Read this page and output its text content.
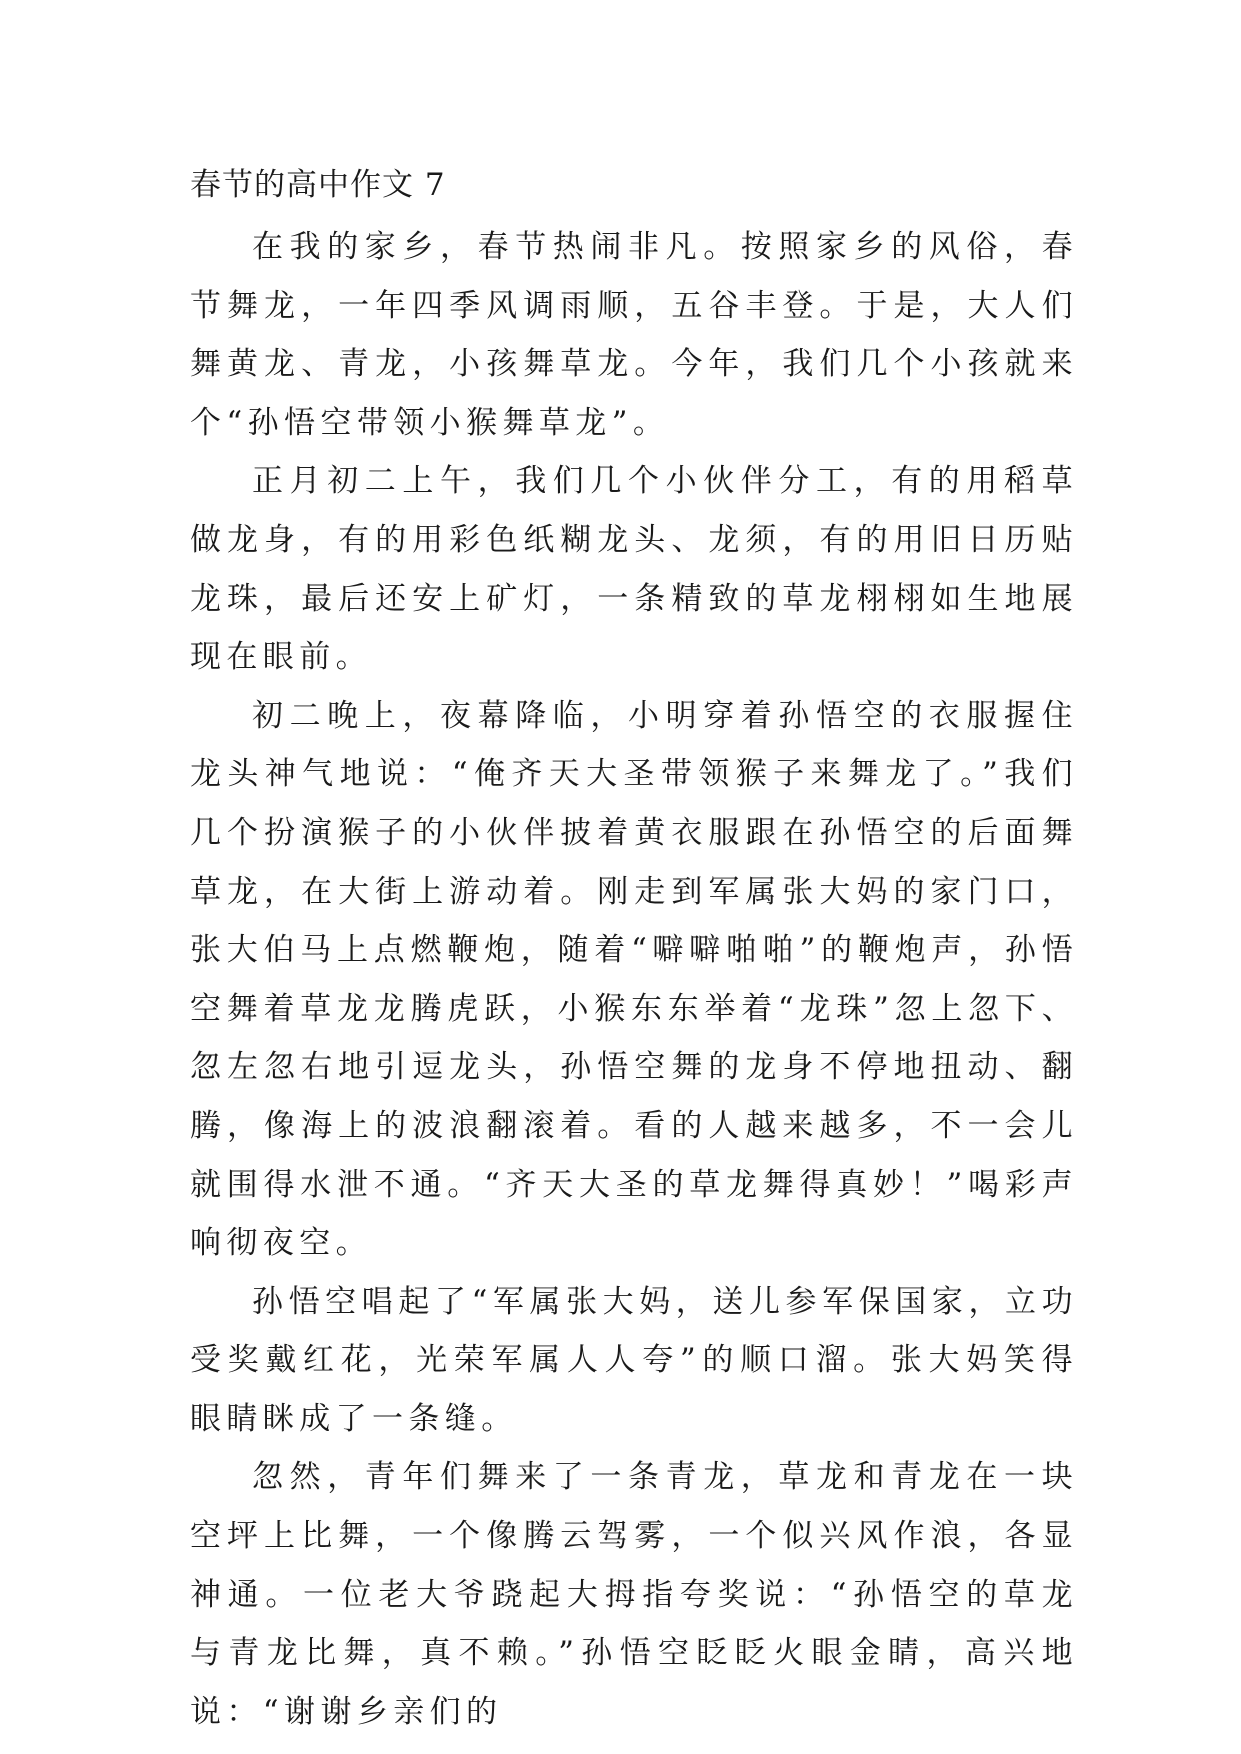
春节的高中作文 7

在我的家乡，春节热闹非凡。按照家乡的风俗，春节舞龙，一年四季风调雨顺，五谷丰登。于是，大人们舞黄龙、青龙，小孩舞草龙。今年，我们几个小孩就来个“孙悟空带领小猴舞草龙”。

正月初二上午，我们几个小伙伴分工，有的用稻草做龙身，有的用彩色纸糊龙头、龙须，有的用旧日历贴龙珠，最后还安上矿灯，一条精致的草龙栩栩如生地展现在眼前。

初二晚上，夜幕降临，小明穿着孙悟空的衣服握住龙头神气地说：“俺齐天大圣带领猴子来舞龙了。”我们几个扮演猴子的小伙伴披着黄衣服跟在孙悟空的后面舞草龙，在大街上游动着。刚走到军属张大妈的家门口，张大伯马上点燃鞭炮，随着“噼噼啪啪”的鞭炮声，孙悟空舞着草龙龙腾虎跃，小猴东东举着“龙珠”忽上忽下、忽左忽右地引逗龙头，孙悟空舞的龙身不停地扭动、翻腾，像海上的波浪翻滚着。看的人越来越多，不一会儿就围得水泄不通。“齐天大圣的草龙舞得真妙！”喝彩声响彻夜空。

孙悟空唱起了“军属张大妈，送儿参军保国家，立功受奖戴红花，光荣军属人人夸”的顺口溜。张大妈笑得眼睛眯成了一条缝。

忽然，青年们舞来了一条青龙，草龙和青龙在一块空坪上比舞，一个像腾云驾雾，一个似兴风作浪，各显神通。一位老大爷跷起大拇指夸奖说：“孙悟空的草龙与青龙比舞，真不赖。”孙悟空眨眨火眼金睛，高兴地说：“谢谢乡亲们的
